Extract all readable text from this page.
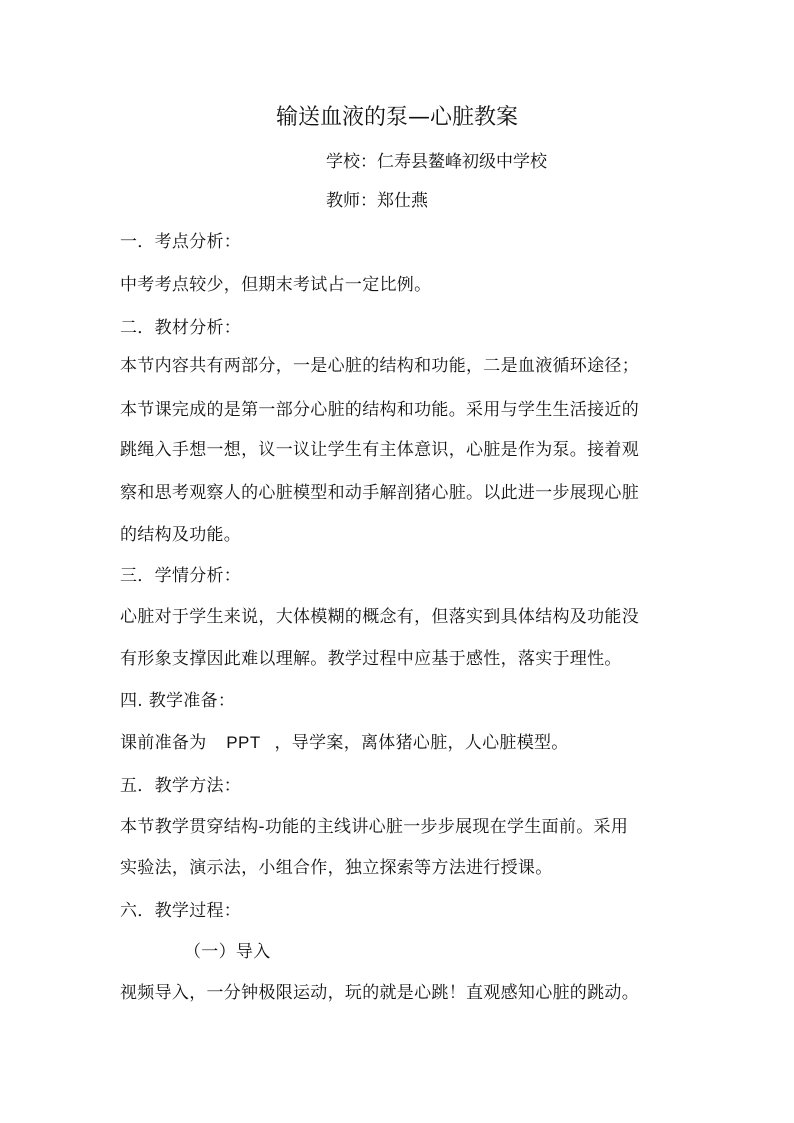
输送血液的泵—心脏教案
学校：仁寿县鳌峰初级中学校
教师：郑仕燕
一．考点分析：
中考考点较少，但期末考试占一定比例。
二．教材分析：
本节内容共有两部分，一是心脏的结构和功能，二是血液循环途径；
本节课完成的是第一部分心脏的结构和功能。采用与学生生活接近的
跳绳入手想一想，议一议让学生有主体意识，心脏是作为泵。接着观
察和思考观察人的心脏模型和动手解剖猪心脏。以此进一步展现心脏
的结构及功能。
三．学情分析：
心脏对于学生来说，大体模糊的概念有，但落实到具体结构及功能没
有形象支撑因此难以理解。教学过程中应基于感性，落实于理性。
四. 教学准备：
课前准备为 PPT ，导学案，离体猪心脏，人心脏模型。
五．教学方法：
本节教学贯穿结构-功能的主线讲心脏一步步展现在学生面前。采用
实验法，演示法，小组合作，独立探索等方法进行授课。
六．教学过程：
（一）导入
视频导入，一分钟极限运动，玩的就是心跳！直观感知心脏的跳动。
